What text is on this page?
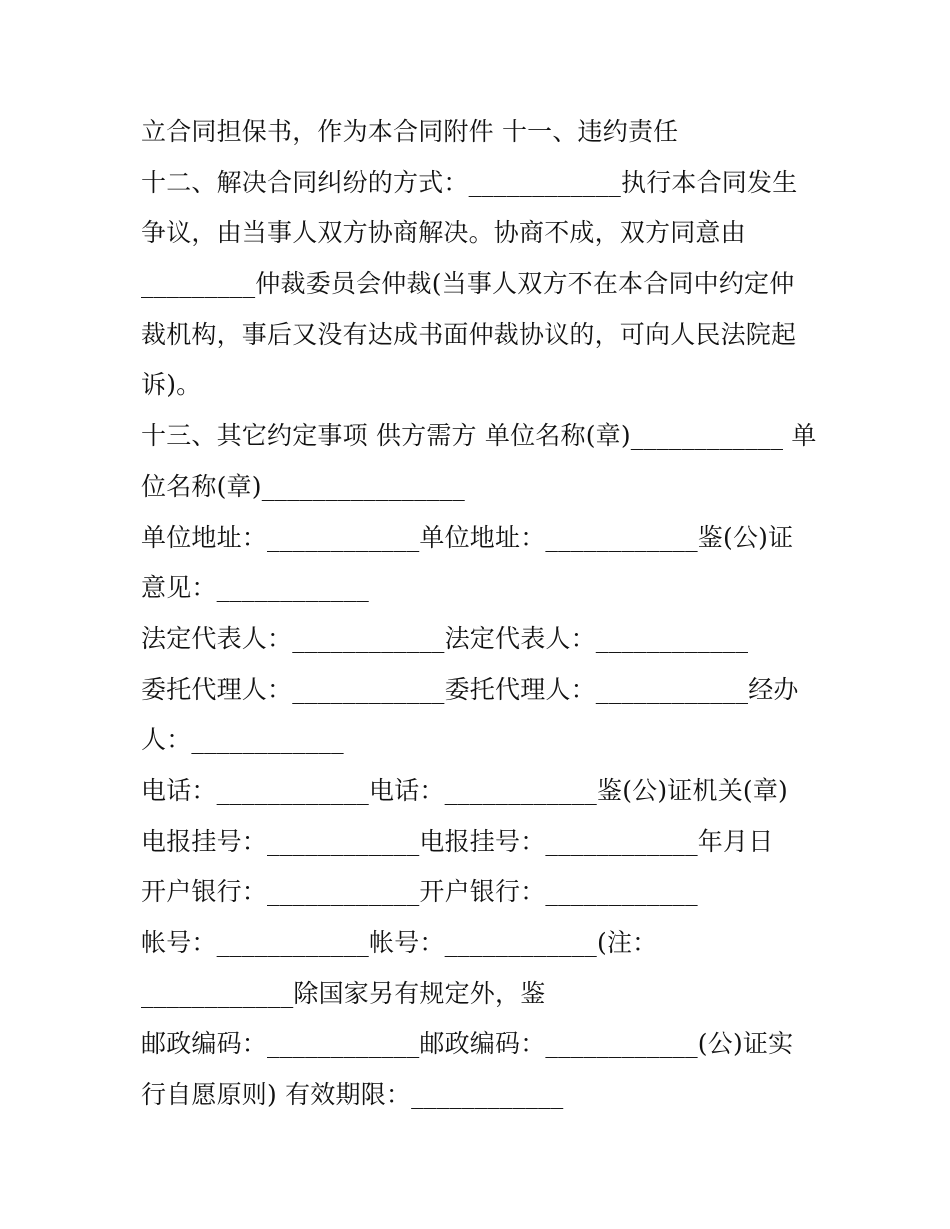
立合同担保书，作为本合同附件 十一、违约责任
十二、解决合同纠纷的方式：____________执行本合同发生
争议，由当事人双方协商解决。协商不成，双方同意由
_________仲裁委员会仲裁(当事人双方不在本合同中约定仲
裁机构，事后又没有达成书面仲裁协议的，可向人民法院起
诉)。
十三、其它约定事项 供方需方 单位名称(章)____________ 单
位名称(章)________________
单位地址：____________单位地址：____________鉴(公)证
意见：____________
法定代表人：____________法定代表人：____________
委托代理人：____________委托代理人：____________经办
人：____________
电话：____________电话：____________鉴(公)证机关(章)
电报挂号：____________电报挂号：____________年月日
开户银行：____________开户银行：____________
帐号：____________帐号：____________(注：
____________除国家另有规定外，鉴
邮政编码：____________邮政编码：____________(公)证实
行自愿原则) 有效期限：____________
